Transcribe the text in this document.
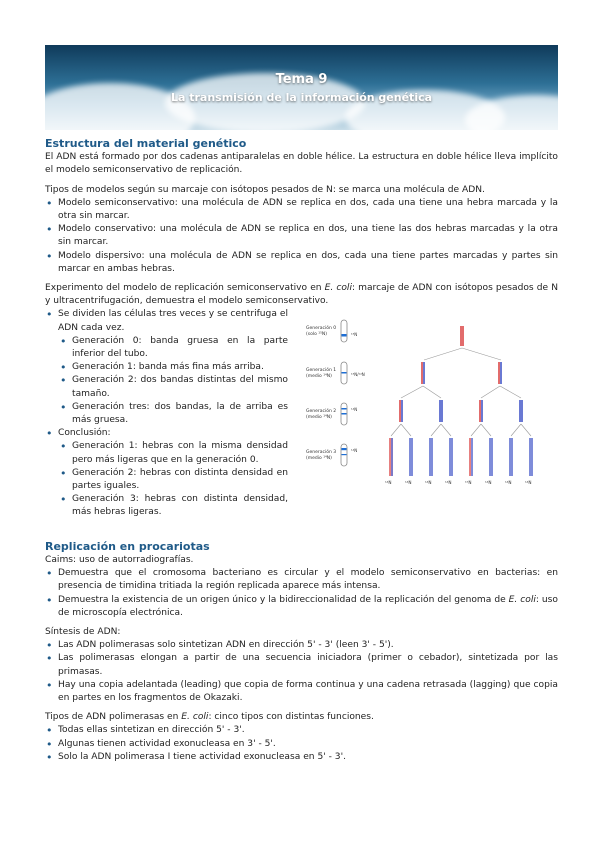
Tema 9
La transmisión de la información genética
Estructura del material genético

El ADN está formado por dos cadenas antiparalelas en doble hélice. La estructura en doble hélice lleva implícito el modelo semiconservativo de replicación.

Tipos de modelos según su marcaje con isótopos pesados de N: se marca una molécula de ADN.
• Modelo semiconservativo: una molécula de ADN se replica en dos, cada una tiene una hebra marcada y la otra sin marcar.
• Modelo conservativo: una molécula de ADN se replica en dos, una tiene las dos hebras marcadas y la otra sin marcar.
• Modelo dispersivo: una molécula de ADN se replica en dos, cada una tiene partes marcadas y partes sin marcar en ambas hebras.

Experimento del modelo de replicación semiconservativo en E. coli: marcaje de ADN con isótopos pesados de N y ultracentrifugación, demuestra el modelo semiconservativo.

• Se dividen las células tres veces y se centrifuga el ADN cada vez.
• Generación 0: banda gruesa en la parte inferior del tubo.
• Generación 1: banda más fina más arriba.
• Generación 2: dos bandas distintas del mismo tamaño.
• Generación tres: dos bandas, la de arriba es más gruesa.
• Conclusión:
• Generación 1: hebras con la misma densidad pero más ligeras que en la generación 0.
• Generación 2: hebras con distinta densidad en partes iguales.
• Generación 3: hebras con distinta densidad, más hebras ligeras.
Generación 0
(solo ¹⁵N)	¹⁵N
Generación 1
(medio ¹⁴N)	¹⁵N/¹⁴N
Generación 2
(medio ¹⁴N)
¹⁴N
Generación 3
(medio ¹⁴N)
¹⁴N
¹⁴N	¹⁴N	¹⁴N	¹⁴N	¹⁵N	¹⁴N	¹⁴N	¹⁴N
Replicación en procariotas
Caims: uso de autorradiografías.
• Demuestra que el cromosoma bacteriano es circular y el modelo semiconservativo en bacterias: en presencia de timidina tritiada la región replicada aparece más intensa.
• Demuestra la existencia de un origen único y la bidireccionalidad de la replicación del genoma de E. coli: uso de microscopía electrónica.
Síntesis de ADN:
• Las ADN polimerasas solo sintetizan ADN en dirección 5' - 3' (leen 3' - 5').
• Las polimerasas elongan a partir de una secuencia iniciadora (primer o cebador), sintetizada por las primasas.
• Hay una copia adelantada (leading) que copia de forma continua y una cadena retrasada (lagging) que copia en partes en los fragmentos de Okazaki.
Tipos de ADN polimerasas en E. coli: cinco tipos con distintas funciones.
• Todas ellas sintetizan en dirección 5' - 3'.
• Algunas tienen actividad exonucleasa en 3' - 5'.
• Solo la ADN polimerasa I tiene actividad exonucleasa en 5' - 3'.
